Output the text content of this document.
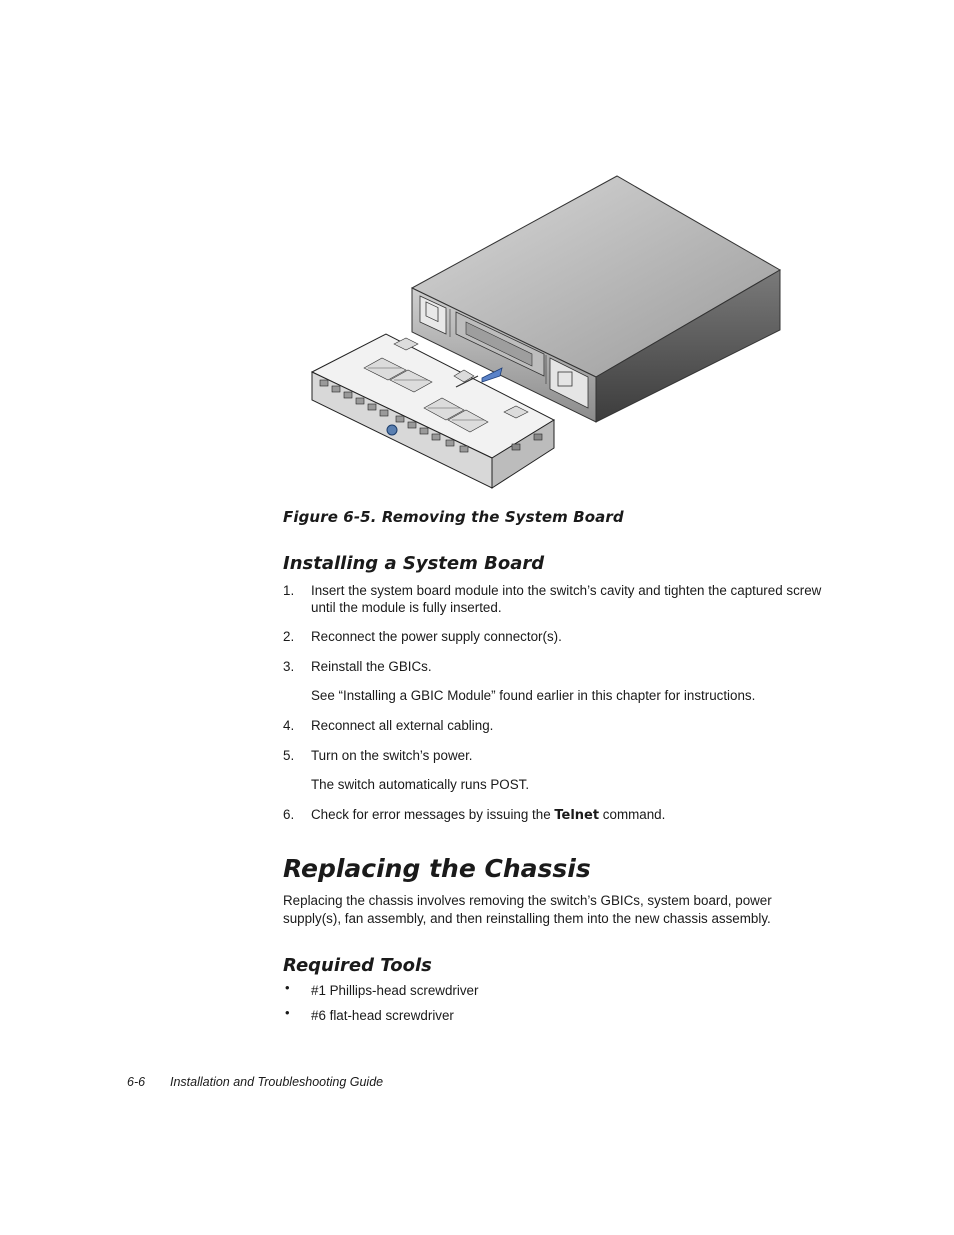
Figure 6-5. Removing the System Board
Installing a System Board
1. Insert the system board module into the switch’s cavity and tighten the captured screw until the module is fully inserted.
2. Reconnect the power supply connector(s).
3. Reinstall the GBICs.
See “Installing a GBIC Module” found earlier in this chapter for instructions.
4. Reconnect all external cabling.
5. Turn on the switch’s power.
The switch automatically runs POST.
6. Check for error messages by issuing the Telnet command.
Replacing the Chassis
Replacing the chassis involves removing the switch’s GBICs, system board, power supply(s), fan assembly, and then reinstalling them into the new chassis assembly.
Required Tools
• #1 Phillips-head screwdriver
• #6 flat-head screwdriver
6-6 Installation and Troubleshooting Guide
